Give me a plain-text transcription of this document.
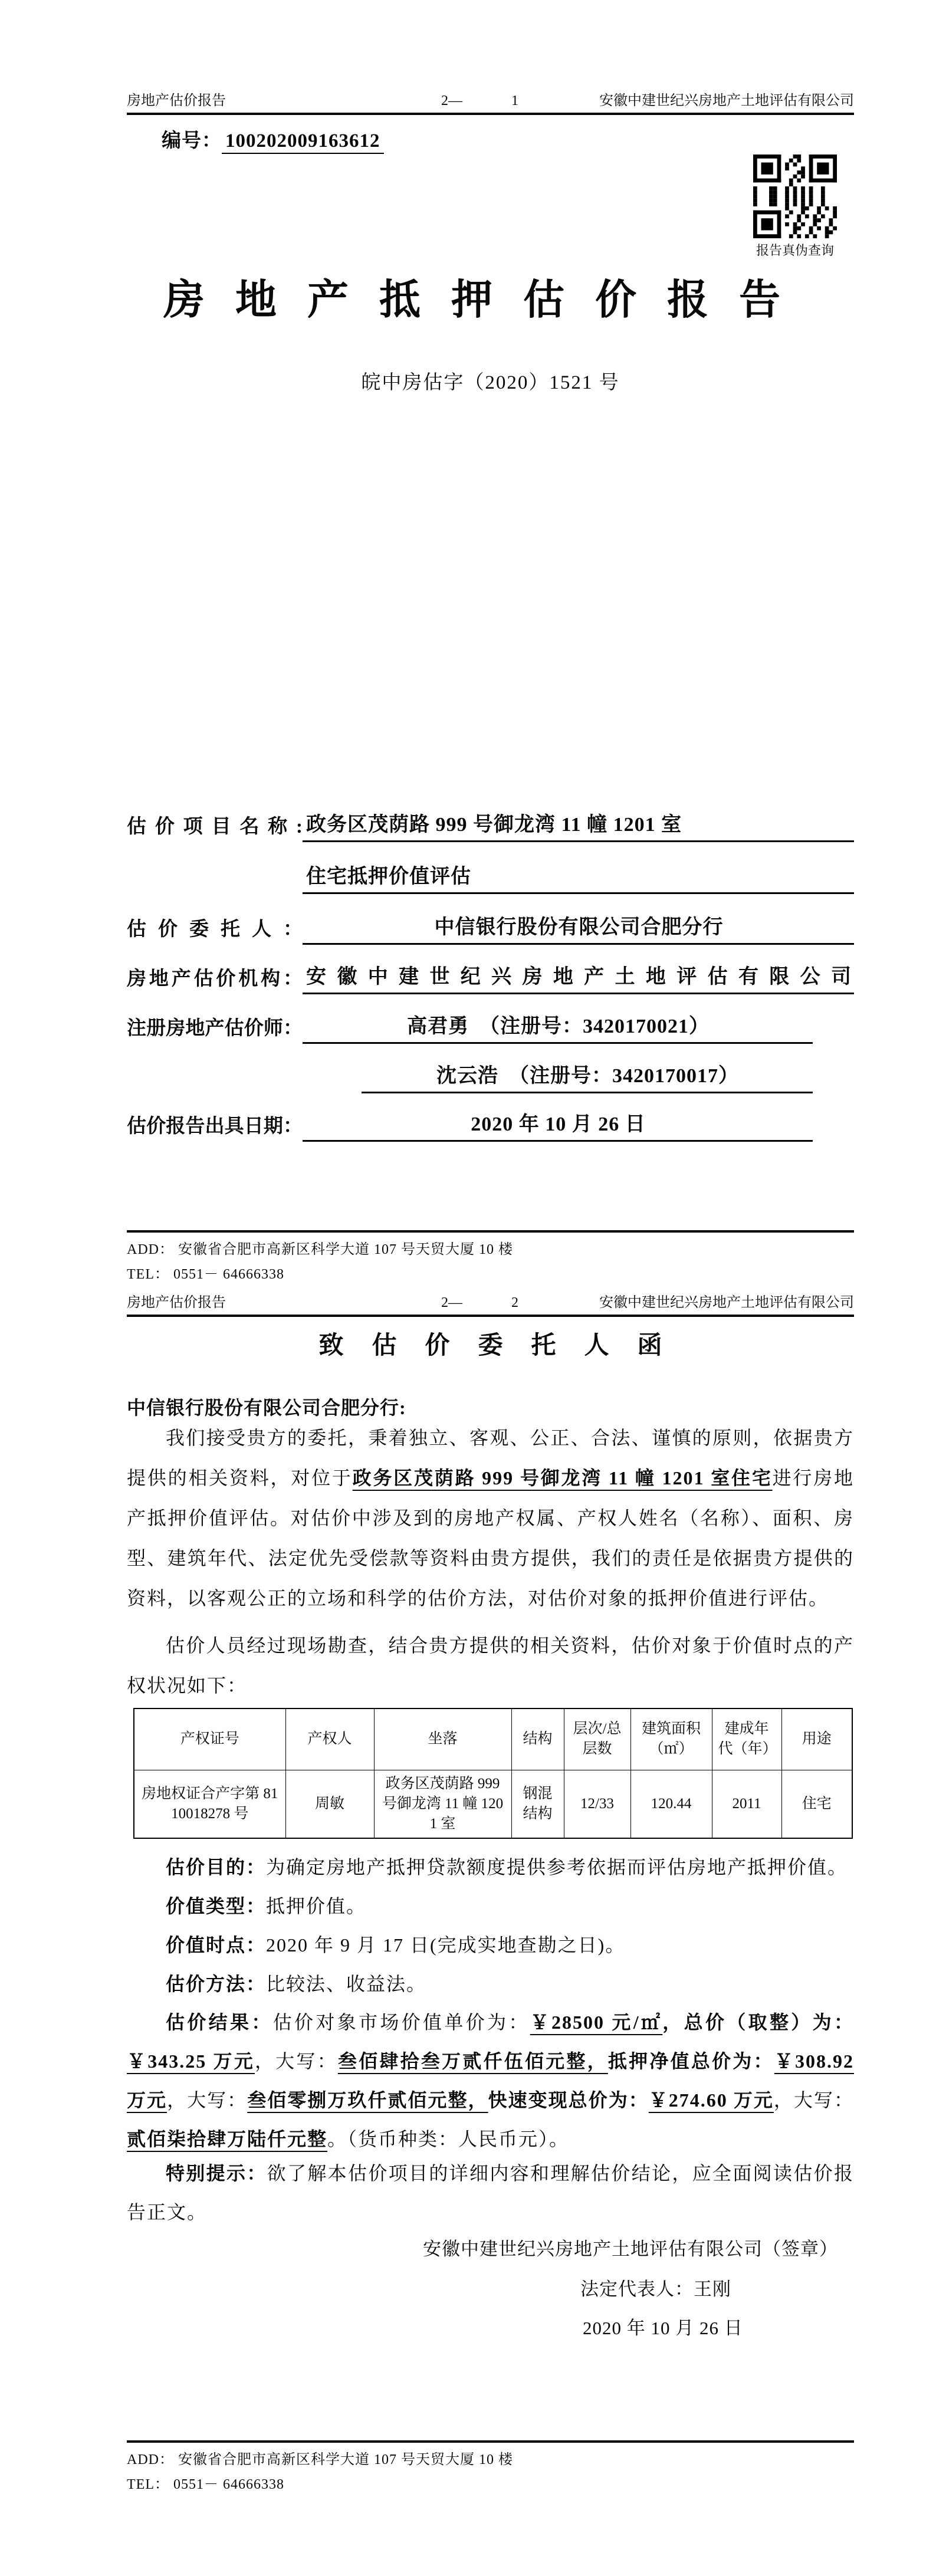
房地产估价报告	2—	1	安徽中建世纪兴房地产土地评估有限公司
编号： 100202009163612
报告真伪查询
房地产抵押估价报告
皖中房估字（2020）1521 号
估价项目名称: 政务区茂荫路 999 号御龙湾 11 幢 1201 室
住宅抵押价值评估
估价委托人：	中信银行股份有限公司合肥分行
房地产估价机构： 安徽中建世纪兴房地产土地评估有限公司
注册房地产估价师：	高君勇　（注册号：3420170021）
沈云浩　（注册号：3420170017）
估价报告出具日期：	2020 年 10 月 26 日
ADD： 安徽省合肥市高新区科学大道 107 号天贸大厦 10 楼
TEL： 0551－ 64666338
房地产估价报告	2—	2	安徽中建世纪兴房地产土地评估有限公司
致估价委托人函
中信银行股份有限公司合肥分行:

我们接受贵方的委托，秉着独立、客观、公正、合法、谨慎的原则，依据贵方提供的相关资料，对位于政务区茂荫路 999 号御龙湾 11 幢 1201 室住宅进行房地产抵押价值评估。对估价中涉及到的房地产权属、产权人姓名（名称）、面积、房型、建筑年代、法定优先受偿款等资料由贵方提供，我们的责任是依据贵方提供的资料，以客观公正的立场和科学的估价方法，对估价对象的抵押价值进行评估。

估价人员经过现场勘查，结合贵方提供的相关资料，估价对象于价值时点的产权状况如下：

产权证号	产权人	坐落	结构	层次/总层数	建筑面积（㎡）	建成年代（年）	用途
房地权证合产字第 8110018278 号	周敏	政务区茂荫路 999 号御龙湾 11 幢 1201 室	钢混结构	12/33	120.44	2011	住宅

估价目的：为确定房地产抵押贷款额度提供参考依据而评估房地产抵押价值。

价值类型：抵押价值。

价值时点：2020 年 9 月 17 日(完成实地查勘之日)。

估价方法：比较法、收益法。

估价结果：估价对象市场价值单价为：￥28500 元/㎡，总价（取整）为：￥343.25 万元，大写：叁佰肆拾叁万贰仟伍佰元整，抵押净值总价为：￥308.92 万元，大写：叁佰零捌万玖仟贰佰元整，快速变现总价为：￥274.60 万元，大写：贰佰柒拾肆万陆仟元整。（货币种类：人民币元）。

特别提示：欲了解本估价项目的详细内容和理解估价结论，应全面阅读估价报告正文。

安徽中建世纪兴房地产土地评估有限公司（签章）
法定代表人：王刚
2020 年 10 月 26 日
ADD： 安徽省合肥市高新区科学大道 107 号天贸大厦 10 楼
TEL： 0551－ 64666338
